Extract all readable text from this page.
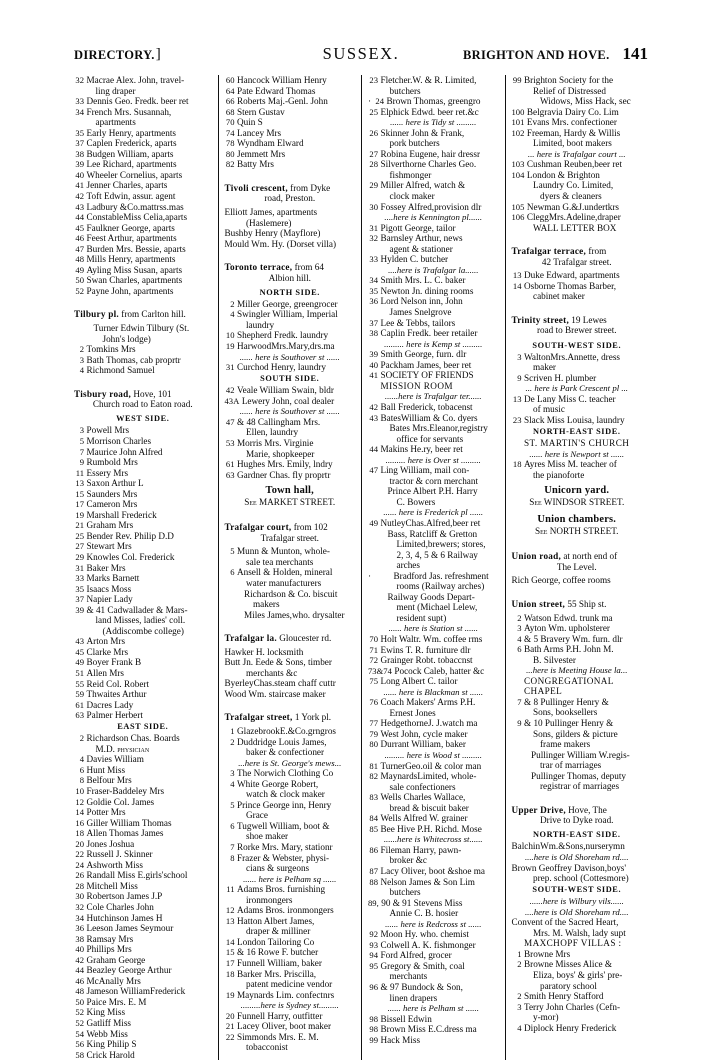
DIRECTORY.]	SUSSEX.	BRIGHTON AND HOVE. 141
32 Macrae Alex. John, travel-
ling draper
33 Dennis Geo. Fredk. beer ret
34 French Mrs. Susannah,
apartments
35 Early Henry, apartments
37 Caplen Frederick, aparts
38 Budgen William, aparts
39 Lee Richard, apartments
40 Wheeler Cornelius, aparts
41 Jenner Charles, aparts
42 Toft Edwin, assur. agent
43 Ladbury &Co.mattrss.mas
44 ConstableMiss Celia,aparts
45 Faulkner George, aparts
46 Feest Arthur, apartments
47 Burden Mrs. Bessie, aparts
48 Mills Henry, apartments
49 Ayling Miss Susan, aparts
50 Swan Charles, apartments
52 Payne John, apartments
Tilbury pl. from Carlton hill.
Turner Edwin Tilbury (St.
John's lodge)
2 Tomkins Mrs
3 Bath Thomas, cab proprtr
4 Richmond Samuel
Tisbury road, Hove, 101
Church road to Eaton road.
WEST SIDE.
3 Powell Mrs
5 Morrison Charles
7 Maurice John Alfred
9 Rumbold Mrs
11 Essery Mrs
13 Saxon Arthur L
15 Saunders Mrs
17 Cameron Mrs
19 Marshall Frederick
21 Graham Mrs
25 Bender Rev. Philip D.D
27 Stewart Mrs
29 Knowles Col. Frederick
31 Baker Mrs
33 Marks Barnett
35 Isaacs Moss
37 Napier Lady
39 & 41 Cadwallader & Mars-
land Misses, ladies' coll.
(Addiscombe college)
43 Arton Mrs
45 Clarke Mrs
49 Boyer Frank B
51 Allen Mrs
55 Reid Col. Robert
59 Thwaites Arthur
61 Dacres Lady
63 Palmer Herbert
EAST SIDE.
2 Richardson Chas. Boards
M.D. physician
4 Davies William
6 Hunt Miss
8 Belfour Mrs
10 Fraser-Baddeley Mrs
12 Goldie Col. James
14 Potter Mrs
16 Giller William Thomas
18 Allen Thomas James
20 Jones Joshua
22 Russell J. Skinner
24 Ashworth Miss
26 Randall Miss E.girls'school
28 Mitchell Miss
30 Robertson James J.P
32 Cole Charles John
34 Hutchinson James H
36 Leeson James Seymour
38 Ramsay Mrs
40 Phillips Mrs
42 Graham George
44 Beazley George Arthur
46 McAnally Mrs
48 Jameson WilliamFrederick
50 Paice Mrs. E. M
52 King Miss
52 Gatliff Miss
54 Webb Miss
56 King Philip S
58 Crick Harold
60 Hancock William Henry
64 Pate Edward Thomas
66 Roberts Maj.-Genl. John
68 Stern Gustav
70 Quin S
74 Lancey Mrs
78 Wyndham Elward
80 Jemmett Mrs
82 Batty Mrs
Tivoli crescent, from Dyke
road, Preston.
Elliott James, apartments
(Haslemere)
Bushby Henry (Mayflore)
Mould Wm. Hy. (Dorset villa)
Toronto terrace, from 64
Albion hill.
NORTH SIDE.
2 Miller George, greengrocer
4 Swingler William, Imperial
laundry
10 Shepherd Fredk. laundry
19 HarwoodMrs.Mary,drs.ma
...... here is Southover st ......
31 Curchod Henry, laundry
SOUTH SIDE.
42 Veale William Swain, bldr
43A Lewery John, coal dealer
...... here is Southover st ......
47 & 48 Callingham Mrs.
Ellen, laundry
53 Morris Mrs. Virginie
Marie, shopkeeper
61 Hughes Mrs. Emily, lndry
63 Gardner Chas. fly proprtr
Town hall,
See MARKET STREET.
Trafalgar court, from 102
Trafalgar street.
5 Munn & Munton, whole-
sale tea merchants
6 Ansell & Holden, mineral
water manufacturers
Richardson & Co. biscuit
makers
Miles James,who. drysalter
Trafalgar la. Gloucester rd.
Hawker H. locksmith
Butt Jn. Eede & Sons, timber
merchants &c
ByerleyChas.steam chaff cuttr
Wood Wm. staircase maker
Trafalgar street, 1 York pl.
1 GlazebrookE.&Co.grngros
2 Duddridge Louis James,
baker & confectioner
...here is St. George's mews...
3 The Norwich Clothing Co
4 White George Robert,
watch & clock maker
5 Prince George inn, Henry
Grace
6 Tugwell William, boot &
shoe maker
7 Rorke Mrs. Mary, stationr
8 Frazer & Webster, physi-
cians & surgeons
...... here is Pelham sq ......
11 Adams Bros. furnishing
ironmongers
12 Adams Bros. ironmongers
13 Hatton Albert James,
draper & milliner
14 London Tailoring Co
15 & 16 Rowe F. butcher
17 Funnell William, baker
18 Barker Mrs. Priscilla,
patent medicine vendor
19 Maynards Lim. confectnrs
.........here is Sydney st.........
20 Funnell Harry, outfitter
21 Lacey Oliver, boot maker
22 Simmonds Mrs. E. M.
tobacconist
23 Fletcher.W. & R. Limited,
butchers
· 24 Brown Thomas, greengro
25 Elphick Edwd. beer ret.&c
...... here is Tidy st .........
26 Skinner John & Frank,
pork butchers
27 Robina Eugene, hair dressr
28 Silverthorne Charles Geo.
fishmonger
29 Miller Alfred, watch &
clock maker
30 Fossey Alfred,provision dlr
....here is Kennington pl......
31 Pigott George, tailor
32 Barnsley Arthur, news
agent & stationer
33 Hylden C. butcher
....here is Trafalgar la......
34 Smith Mrs. L. C. baker
35 Newton Jn. dining rooms
36 Lord Nelson inn, John
James Snelgrove
37 Lee & Tebbs, tailors
38 Caplin Fredk. beer retailer
......... here is Kemp st .........
39 Smith George, furn. dlr
40 Packham James, beer ret
41 SOCIETY OF FRIENDS
MISSION ROOM
......here is Trafalgar ter......
42 Ball Frederick, tobacenst
43 BatesWilliam & Co. dyers
Bates Mrs.Eleanor,registry
office for servants
44 Makins He.ry, beer ret
......... here is Over st .........
47 Ling William, mail con-
tractor & corn merchant
Prince Albert P.H. Harry
C. Bowers
...... here is Frederick pl ......
49 NutleyChas.Alfred,beer ret
Bass, Ratcliff & Gretton
Limited,brewers; stores,
2, 3, 4, 5 & 6 Railway
arches
·	Bradford Jas. refreshment
rooms (Railway arches)
Railway Goods Depart-
ment (Michael Lelew,
resident supt)
...... here is Station st ......
70 Holt Waltr. Wm. coffee rms
71 Ewins T. R. furniture dlr
72 Grainger Robt. tobaccnst
73&74 Pocock Caleb, hatter &c
75 Long Albert C. tailor
...... here is Blackman st ......
76 Coach Makers' Arms P.H.
Ernest Jones
77 HedgethorneJ. J.watch ma
79 West John, cycle maker
80 Durrant William, baker
......... here is Wood st .........
81 TurnerGeo.oil & color man
82 MaynardsLimited, whole-
sale confectioners
83 Wells Charles Wallace,
bread & biscuit baker
84 Wells Alfred W. grainer
85 Bee Hive P.H. Richd. Mose
......here is Whitecross st......
86 Fileman Harry, pawn-
broker &c
87 Lacy Oliver, boot &shoe ma
88 Nelson James & Son Lim
butchers
89, 90 & 91 Stevens Miss
Annie C. B. hosier
...... here is Redcross st ......
92 Moon Hy. who. chemist
93 Colwell A. K. fishmonger
94 Ford Alfred, grocer
95 Gregory & Smith, coal
merchants
96 & 97 Bundock & Son,
linen drapers
...... here is Pelham st ......
98 Bissell Edwin
98 Brown Miss E.C.dress ma
99 Hack Miss
99 Brighton Society for the
Relief of Distressed
Widows, Miss Hack, sec
100 Belgravia Dairy Co. Lim
101 Evans Mrs. confectioner
102 Freeman, Hardy & Willis
Limited, boot makers
... here is Trafalgar court ...
103 Cushman Reuben,beer ret
104 London & Brighton
Laundry Co. Limited,
dyers & cleaners
105 Newman G.&J.undertkrs
106 CleggMrs.Adeline,draper
WALL LETTER BOX
Trafalgar terrace, from
42 Trafalgar street.
13 Duke Edward, apartments
14 Osborne Thomas Barber,
cabinet maker
Trinity street, 19 Lewes
road to Brewer street.
SOUTH-WEST SIDE.
3 WaltonMrs.Annette, dress
maker
9 Scriven H. plumber
... here is Park Crescent pl ...
13 De Lany Miss C. teacher
of music
23 Slack Miss Louisa, laundry
NORTH-EAST SIDE.
ST. MARTIN'S CHURCH
...... here is Newport st ......
18 Ayres Miss M. teacher of
the pianoforte
Unicorn yard.
See WINDSOR STREET.
Union chambers.
See NORTH STREET.
Union road, at north end of
The Level.
Rich George, coffee rooms
Union street, 55 Ship st.
2 Watson Edwd. trunk ma
3 Ayton Wm. upholsterer
4 & 5 Bravery Wm. furn. dlr
6 Bath Arms P.H. John M.
B. Silvester
...here is Meeting House la...
CONGREGATIONAL CHAPEL
7 & 8 Pullinger Henry &
Sons, booksellers
9 & 10 Pullinger Henry &
Sons, gilders & picture
frame makers
Pullinger William W.regis-
trar of marriages
Pullinger Thomas, deputy
registrar of marriages
Upper Drive, Hove, The
Drive to Dyke road.
NORTH-EAST SIDE.
BalchinWm.&Sons,nurserymn
....here is Old Shoreham rd....
Brown Geoffrey Davison,boys'
prep. school (Cottesmore)
SOUTH-WEST SIDE.
......here is Wilbury vils......
....here is Old Shoreham rd....
Convent of the Sacred Heart,
Mrs. M. Walsh, lady supt
MAXCHOPF VILLAS :
1 Browne Mrs
2 Browne Misses Alice &
Eliza, boys' & girls' pre-
paratory school
2 Smith Henry Stafford
3 Terry John Charles (Cefn-
y-mor)
4 Diplock Henry Frederick
